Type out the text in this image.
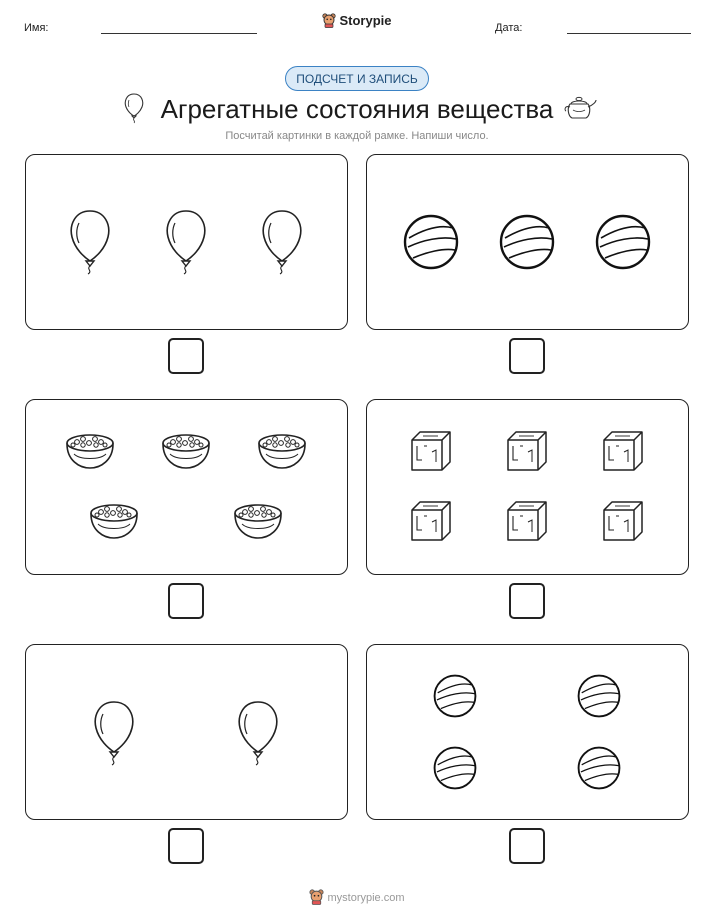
Имя:	Storypie	Дата:
ПОДСЧЕТ И ЗАПИСЬ
Агрегатные состояния вещества
Посчитай картинки в каждой рамке. Напиши число.
mystorypie.com
